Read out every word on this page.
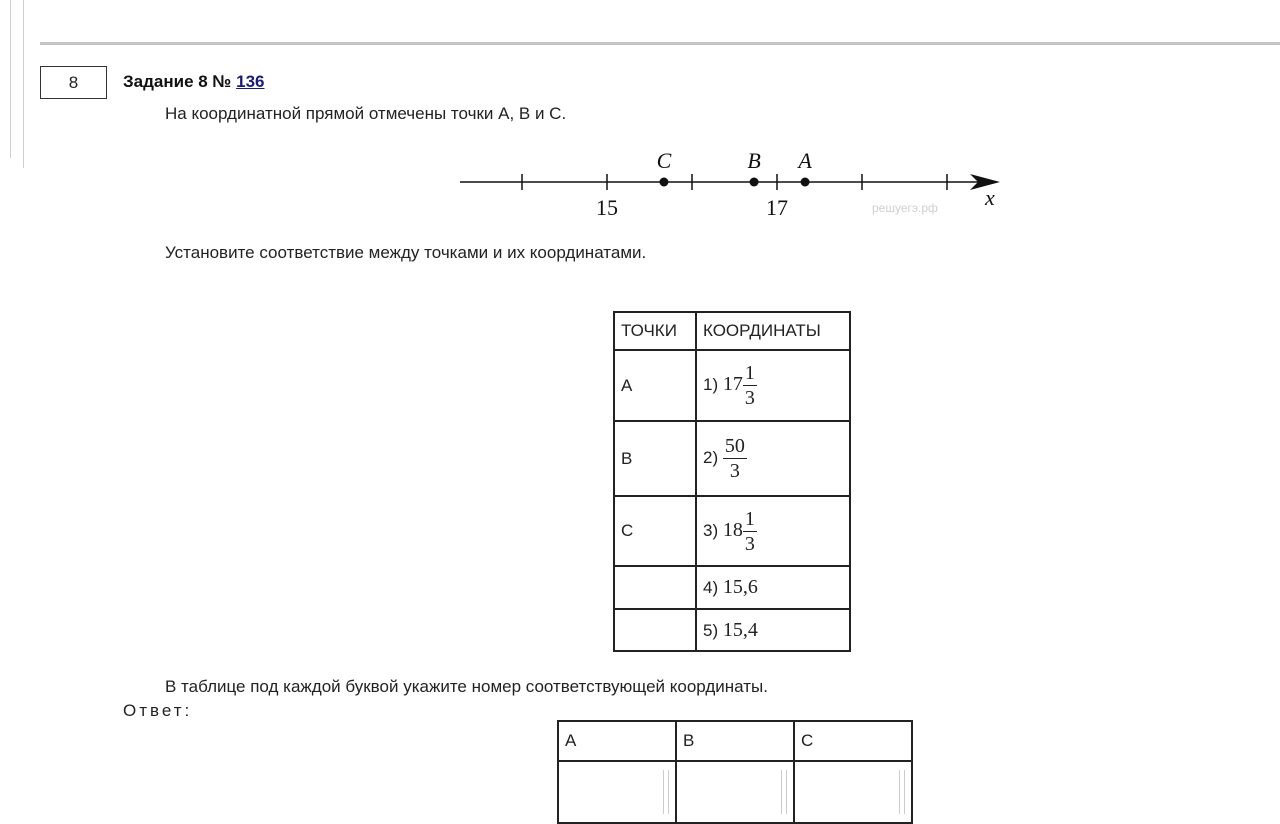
8	Задание 8 № 136
На координатной прямой отмечены точки A, B и C.
15	17	x
решуегэ.рф
C	B A
Установите соответствие между точками и их координатами.
ТОЧКИ	КООРДИНАТЫ
A	1) $17 \frac{1}{3}$

B	$2) \frac{50}{3}$

C	3) $18 \frac{1}{3}$

	4) 15,6
	5) 15,4
В таблице под каждой буквой укажите номер соответствующей координаты.
Ответ:
A	B	C
